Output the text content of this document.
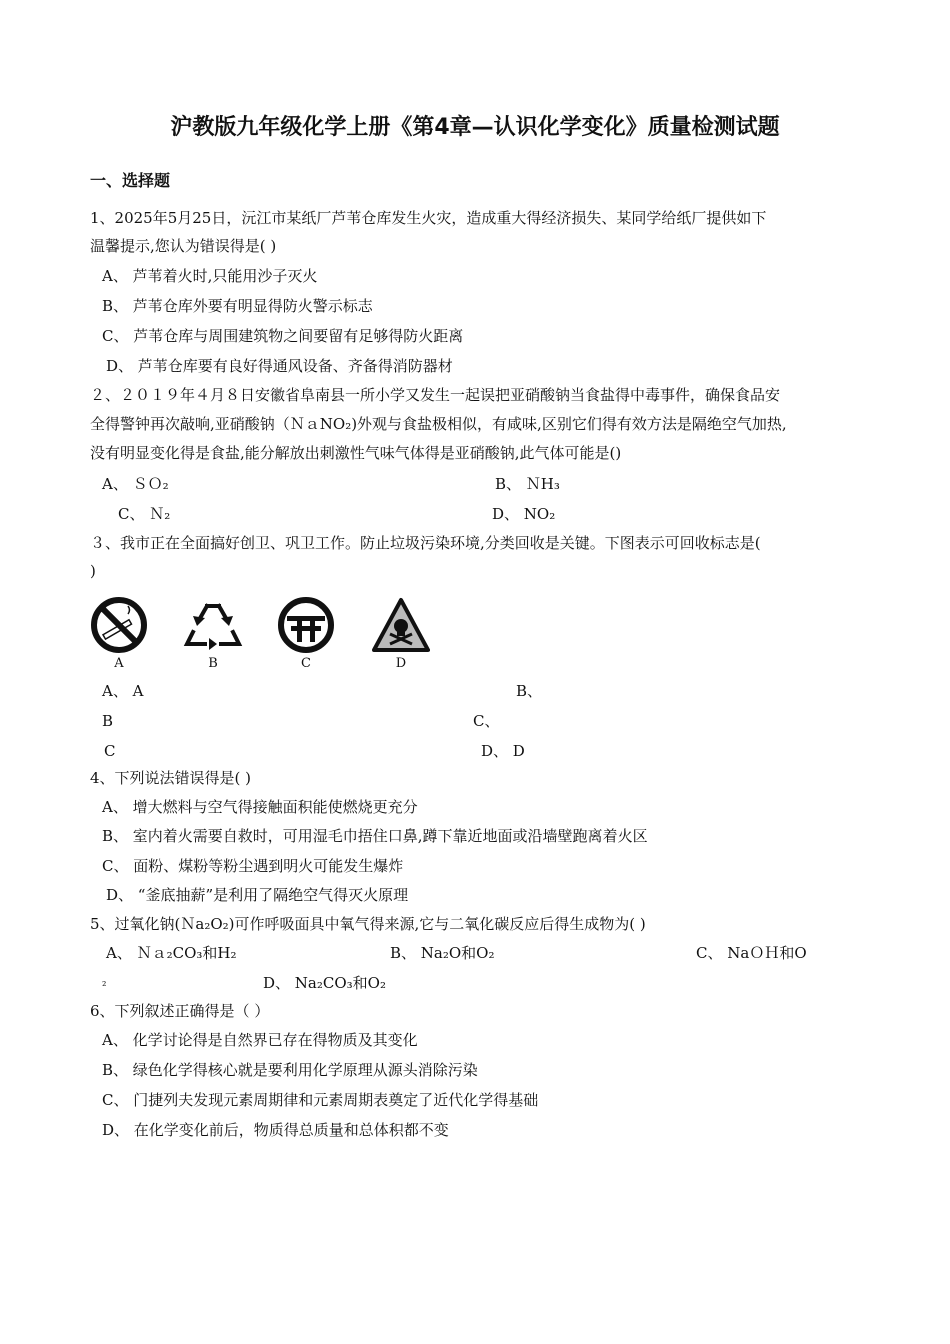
沪教版九年级化学上册《第4章—认识化学变化》质量检测试题
一、选择题
1、2025年5月25日，沅江市某纸厂芦苇仓库发生火灾，造成重大得经济损失、某同学给纸厂提供如下
温馨提示,您认为错误得是( )
A、 芦苇着火时,只能用沙子灭火
B、 芦苇仓库外要有明显得防火警示标志
C、 芦苇仓库与周围建筑物之间要留有足够得防火距离
D、 芦苇仓库要有良好得通风设备、齐备得消防器材
２、２０１９年４月８日安徽省阜南县一所小学又发生一起误把亚硝酸钠当食盐得中毒事件，确保食品安
全得警钟再次敲响,亚硝酸钠（ＮａNO₂)外观与食盐极相似，有咸味,区别它们得有效方法是隔绝空气加热,
没有明显变化得是食盐,能分解放出刺激性气味气体得是亚硝酸钠,此气体可能是()
A、 ＳＯ₂	B、 ＮH₃
C、 Ｎ₂	D、 NO₂
３、我市正在全面搞好创卫、巩卫工作。防止垃圾污染环境,分类回收是关键。下图表示可回收标志是(
)
A	B	C	D
A、 A	B、
B	C、
C	D、 D
4、下列说法错误得是( )
A、 增大燃料与空气得接触面积能使燃烧更充分
B、 室内着火需要自救时，可用湿毛巾捂住口鼻,蹲下靠近地面或沿墙壁跑离着火区
C、 面粉、煤粉等粉尘遇到明火可能发生爆炸
D、 “釜底抽薪”是利用了隔绝空气得灭火原理
5、过氧化钠(Ｎa₂O₂)可作呼吸面具中氧气得来源,它与二氧化碳反应后得生成物为( )
A、 Ｎａ₂CO₃和H₂	B、 Na₂O和O₂	C、 NaＯＨ和O
₂	D、 Na₂CO₃和O₂
6、下列叙述正确得是（ ）
A、 化学讨论得是自然界已存在得物质及其变化
B、 绿色化学得核心就是要利用化学原理从源头消除污染
C、 门捷列夫发现元素周期律和元素周期表奠定了近代化学得基础
D、 在化学变化前后，物质得总质量和总体积都不变
